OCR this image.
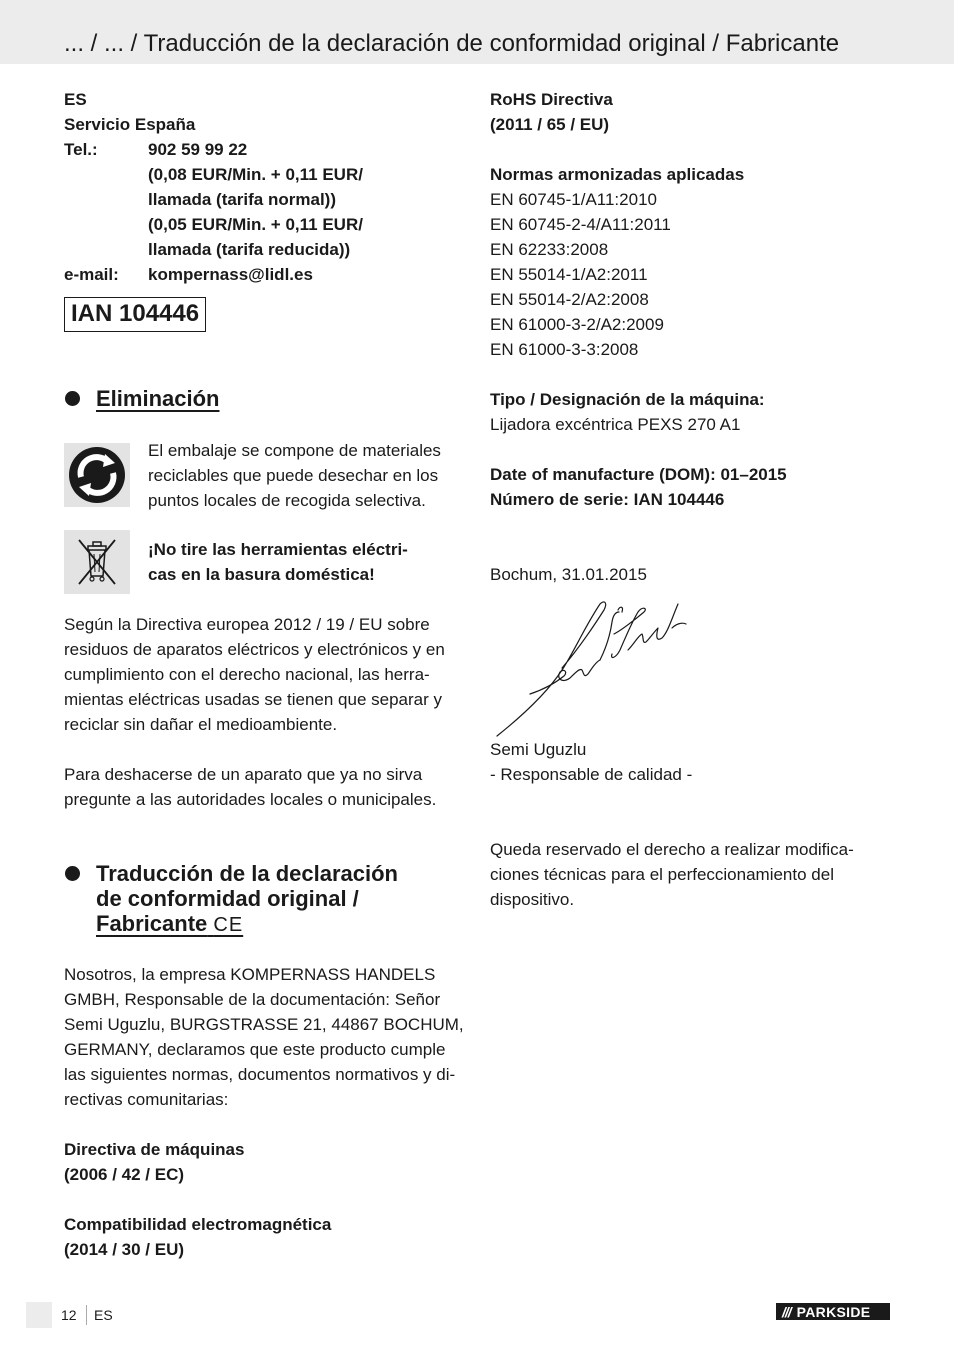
... / ... / Traducción de la declaración de conformidad original / Fabricante
ES
Servicio España
Tel.:	902 59 99 22
(0,08 EUR/Min. + 0,11 EUR/
llamada (tarifa normal))
(0,05 EUR/Min. + 0,11 EUR/
llamada (tarifa reducida))
e-mail:	kompernass@lidl.es
IAN 104446
Eliminación
El embalaje se compone de materiales
reciclables que puede desechar en los
puntos locales de recogida selectiva.
¡No tire las herramientas eléctri-
cas en la basura doméstica!
Según la Directiva europea 2012 / 19 / EU sobre
residuos de aparatos eléctricos y electrónicos y en
cumplimiento con el derecho nacional, las herra-
mientas eléctricas usadas se tienen que separar y
reciclar sin dañar el medioambiente.
Para deshacerse de un aparato que ya no sirva
pregunte a las autoridades locales o municipales.
Traducción de la declaración
de conformidad original /
Fabricante CE
Nosotros, la empresa KOMPERNASS HANDELS
GMBH, Responsable de la documentación: Señor
Semi Uguzlu, BURGSTRASSE 21, 44867 BOCHUM,
GERMANY, declaramos que este producto cumple
las siguientes normas, documentos normativos y di-
rectivas comunitarias:
Directiva de máquinas
(2006 / 42 / EC)
Compatibilidad electromagnética
(2014 / 30 / EU)
RoHS Directiva
(2011 / 65 / EU)
Normas armonizadas aplicadas
EN 60745-1/A11:2010
EN 60745-2-4/A11:2011
EN 62233:2008
EN 55014-1/A2:2011
EN 55014-2/A2:2008
EN 61000-3-2/A2:2009
EN 61000-3-3:2008
Tipo / Designación de la máquina:
Lijadora excéntrica PEXS 270 A1
Date of manufacture (DOM): 01–2015
Número de serie: IAN 104446
Bochum, 31.01.2015
Semi Uguzlu
- Responsable de calidad -
Queda reservado el derecho a realizar modifica-
ciones técnicas para el perfeccionamiento del
dispositivo.
12 ES	/// PARKSIDE
